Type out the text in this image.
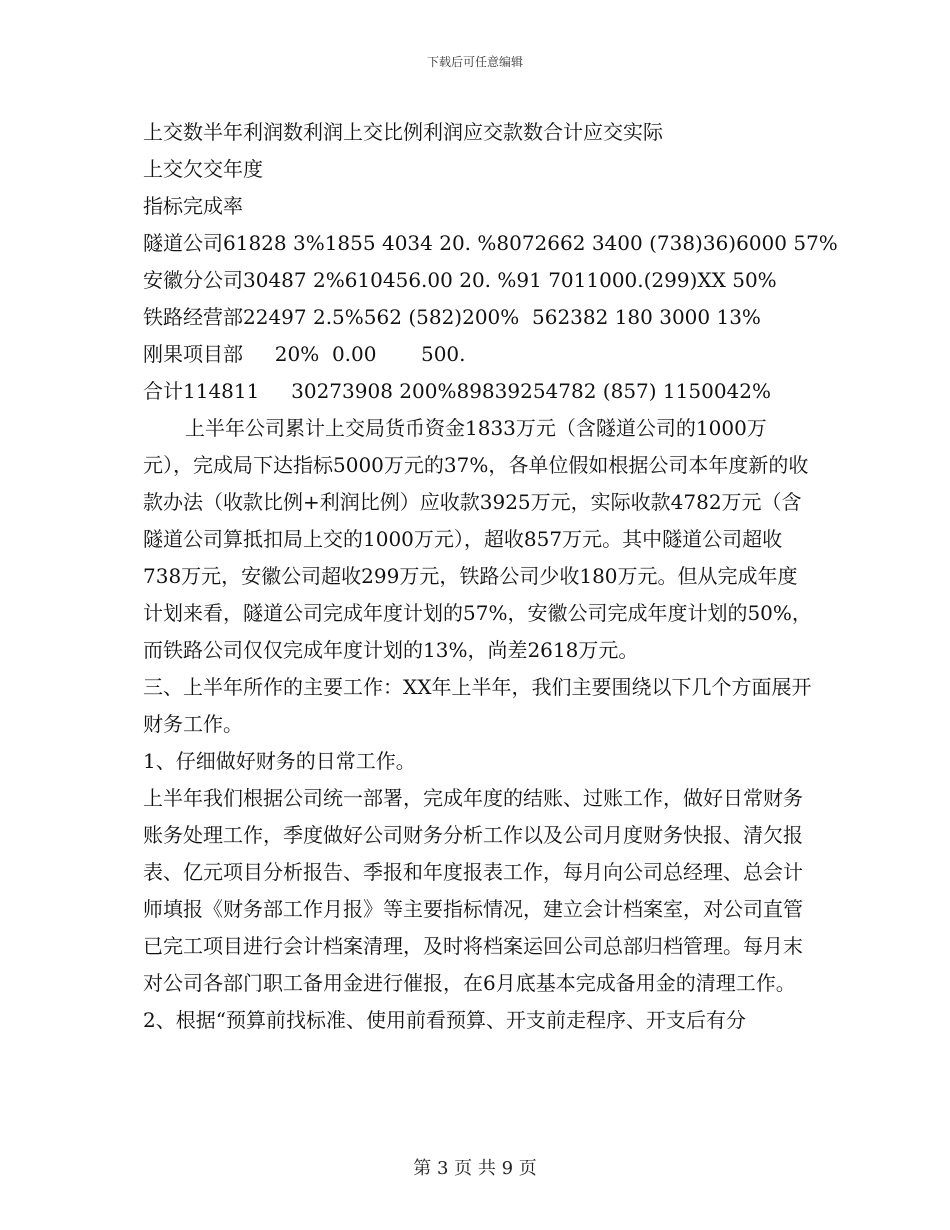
下载后可任意编辑
上交数半年利润数利润上交比例利润应交款数合计应交实际
上交欠交年度
指标完成率
隧道公司61828 3%1855 4034 20. %8072662 3400 (738)36)6000 57%
安徽分公司30487 2%610456.00 20. %91 7011000.(299)XX 50%
铁路经营部22497 2.5%562 (582)200%  562382 180 3000 13%
刚果项目部     20%  0.00       500.
合计114811     30273908 200%89839254782 (857) 1150042%
上半年公司累计上交局货币资金1833万元（含隧道公司的1000万元），完成局下达指标5000万元的37%，各单位假如根据公司本年度新的收款办法（收款比例+利润比例）应收款3925万元，实际收款4782万元（含隧道公司算抵扣局上交的1000万元），超收857万元。其中隧道公司超收738万元，安徽公司超收299万元，铁路公司少收180万元。但从完成年度计划来看，隧道公司完成年度计划的57%，安徽公司完成年度计划的50%，而铁路公司仅仅完成年度计划的13%，尚差2618万元。
三、上半年所作的主要工作：XX年上半年，我们主要围绕以下几个方面展开财务工作。
1、仔细做好财务的日常工作。
上半年我们根据公司统一部署，完成年度的结账、过账工作，做好日常财务账务处理工作，季度做好公司财务分析工作以及公司月度财务快报、清欠报表、亿元项目分析报告、季报和年度报表工作，每月向公司总经理、总会计师填报《财务部工作月报》等主要指标情况，建立会计档案室，对公司直管已完工项目进行会计档案清理，及时将档案运回公司总部归档管理。每月末对公司各部门职工备用金进行催报，在6月底基本完成备用金的清理工作。
2、根据“预算前找标准、使用前看预算、开支前走程序、开支后有分
第 3 页 共 9 页
